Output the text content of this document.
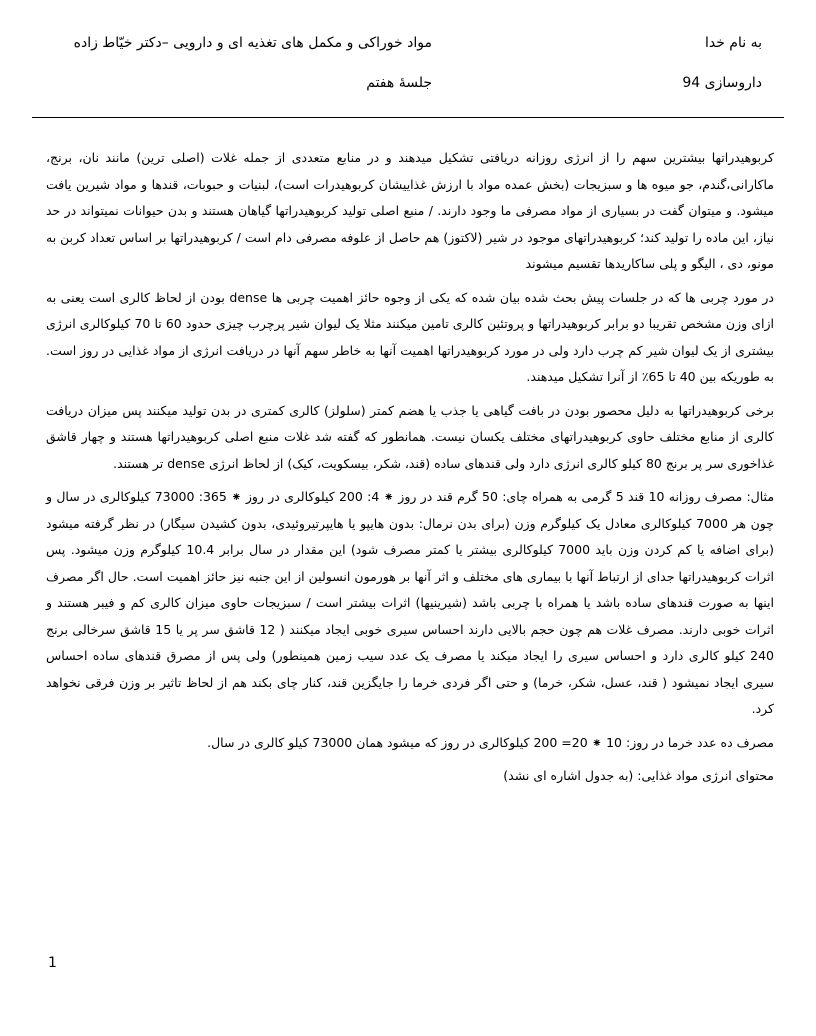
به نام خدا
مواد خوراکی و مکمل های تغذیه ای و دارویی –دکتر خیّاط زاده
داروسازی 94
جلسهٔ هفتم

کربوهیدراتها بیشترین سهم را از انرژی روزانه دریافتی تشکیل میدهند و در منابع متعددی از جمله غلات (اصلی ترین) مانند نان، برنج، ماکارانی،گندم، جو میوه ها و سبزیجات (بخش عمده مواد با ارزش غذاییشان کربوهیدرات است)، لبنیات و حبوبات، قندها و مواد شیرین یافت میشود. و میتوان گفت در بسیاری از مواد مصرفی ما وجود دارند. / منبع اصلی تولید کربوهیدراتها گیاهان هستند و بدن حیوانات نمیتواند در حد نیاز، این ماده را تولید کند؛ کربوهیدراتهای موجود در شیر (لاکتوز) هم حاصل از علوفه مصرفی دام است / کربوهیدراتها بر اساس تعداد کربن به مونو، دی ، الیگو و پلی ساکاریدها تقسیم میشوند

در مورد چربی ها که در جلسات پیش بحث شده بیان شده که یکی از وجوه حائز اهمیت چربی ها dense بودن از لحاظ کالری است یعنی به ازای وزن مشخص تقریبا دو برابر کربوهیدراتها و پروتئین کالری تامین میکنند مثلا یک لیوان شیر پرچرب چیزی حدود 60 تا 70 کیلوکالری انرژی بیشتری از یک لیوان شیر کم چرب دارد ولی در مورد کربوهیدراتها اهمیت آنها به خاطر سهم آنها در دریافت انرژی از مواد غذایی در روز است. به طوریکه بین 40 تا 65٪ از آنرا تشکیل میدهند.

برخی کربوهیدراتها به دلیل محصور بودن در بافت گیاهی یا جذب یا هضم کمتر (سلولز) کالری کمتری در بدن تولید میکنند پس میزان دریافت کالری از منابع مختلف حاوی کربوهیدراتهای مختلف یکسان نیست. همانطور که گفته شد غلات منبع اصلی کربوهیدراتها هستند و چهار قاشق غذاخوری سر پر برنج 80 کیلو کالری انرژی دارد ولی قندهای ساده (قند، شکر، بیسکویت، کیک) از لحاظ انرژی dense تر هستند.

مثال: مصرف روزانه 10 قند 5 گرمی به همراه چای: 50 گرم قند در روز ⁕ 4: 200 کیلوکالری در روز ⁕ 365: 73000 کیلوکالری در سال و چون هر 7000 کیلوکالری معادل یک کیلوگرم وزن (برای بدن نرمال: بدون هایپو یا هایپرتیروئیدی، بدون کشیدن سیگار) در نظر گرفته میشود (برای اضافه یا کم کردن وزن باید 7000 کیلوکالری بیشتر یا کمتر مصرف شود) این مقدار در سال برابر 10.4 کیلوگرم وزن میشود. پس اثرات کربوهیدراتها جدای از ارتباط آنها با بیماری های مختلف و اثر آنها بر هورمون انسولین از این جنبه نیز حائز اهمیت است. حال اگر مصرف اینها به صورت قندهای ساده باشد یا همراه با چربی باشد (شیرینیها) اثرات بیشتر است / سبزیجات حاوی میزان کالری کم و فیبر هستند و اثرات خوبی دارند. مصرف غلات هم چون حجم بالایی دارند احساس سیری خوبی ایجاد میکنند ( 12 قاشق سر پر یا 15 قاشق سرخالی برنج 240 کیلو کالری دارد و احساس سیری را ایجاد میکند یا مصرف یک عدد سیب زمین همینطور) ولی پس از مصرق قندهای ساده احساس سیری ایجاد نمیشود ( قند، عسل، شکر، خرما) و حتی اگر فردی خرما را جایگزین قند، کنار چای بکند هم از لحاظ تاثیر بر وزن فرقی نخواهد کرد.

مصرف ده عدد خرما در روز: 10 ⁕ 20= 200 کیلوکالری در روز که میشود همان 73000 کیلو کالری در سال.

محتوای انرژی مواد غذایی: (به جدول اشاره ای نشد)

1
